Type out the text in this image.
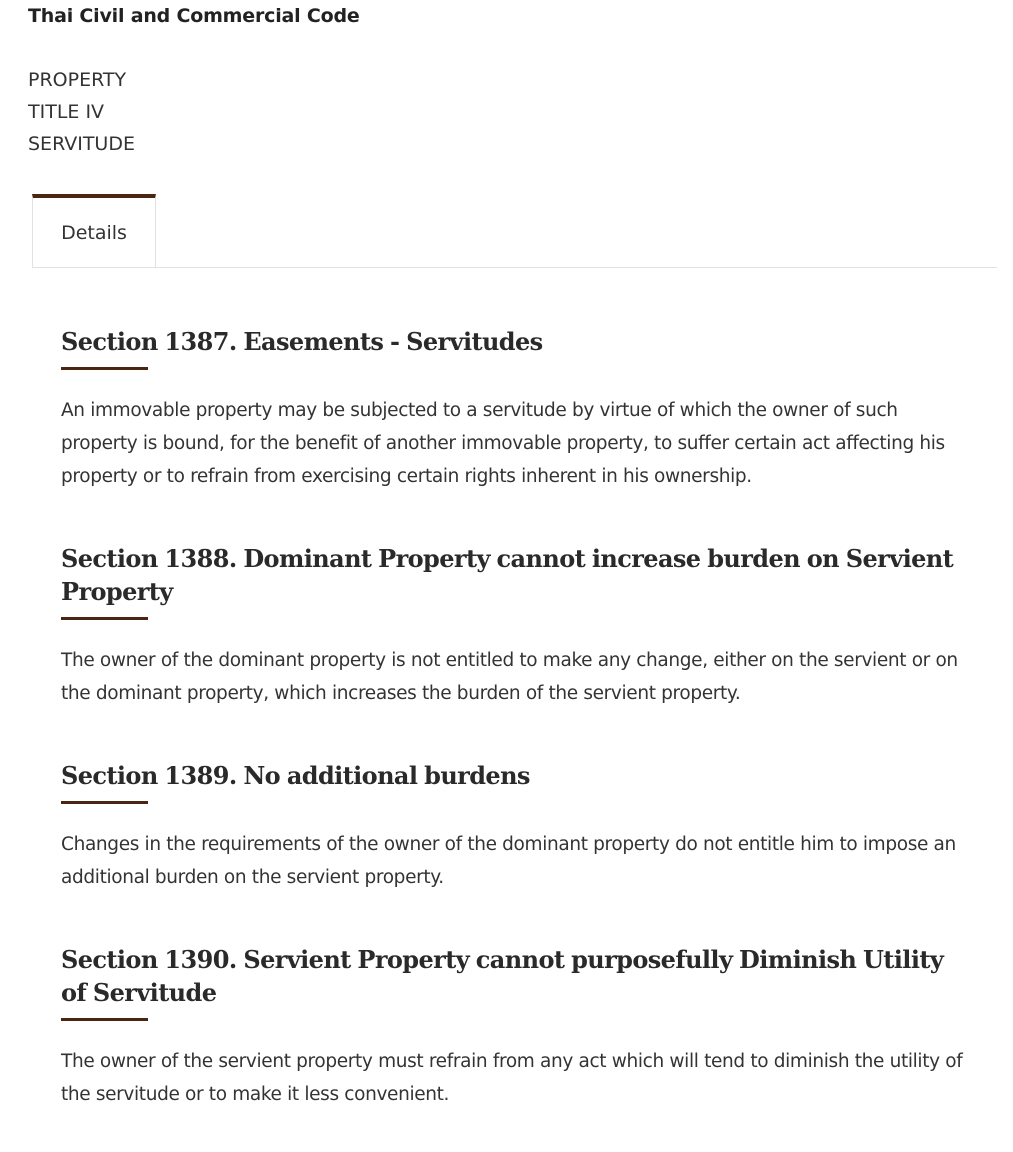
Thai Civil and Commercial Code
PROPERTY
TITLE IV
SERVITUDE
Details
Section 1387. Easements - Servitudes

An immovable property may be subjected to a servitude by virtue of which the owner of such property is bound, for the benefit of another immovable property, to suffer certain act affecting his property or to refrain from exercising certain rights inherent in his ownership.

Section 1388. Dominant Property cannot increase burden on Servient Property

The owner of the dominant property is not entitled to make any change, either on the servient or on the dominant property, which increases the burden of the servient property.

Section 1389. No additional burdens

Changes in the requirements of the owner of the dominant property do not entitle him to impose an additional burden on the servient property.

Section 1390. Servient Property cannot purposefully Diminish Utility of Servitude

The owner of the servient property must refrain from any act which will tend to diminish the utility of the servitude or to make it less convenient.
